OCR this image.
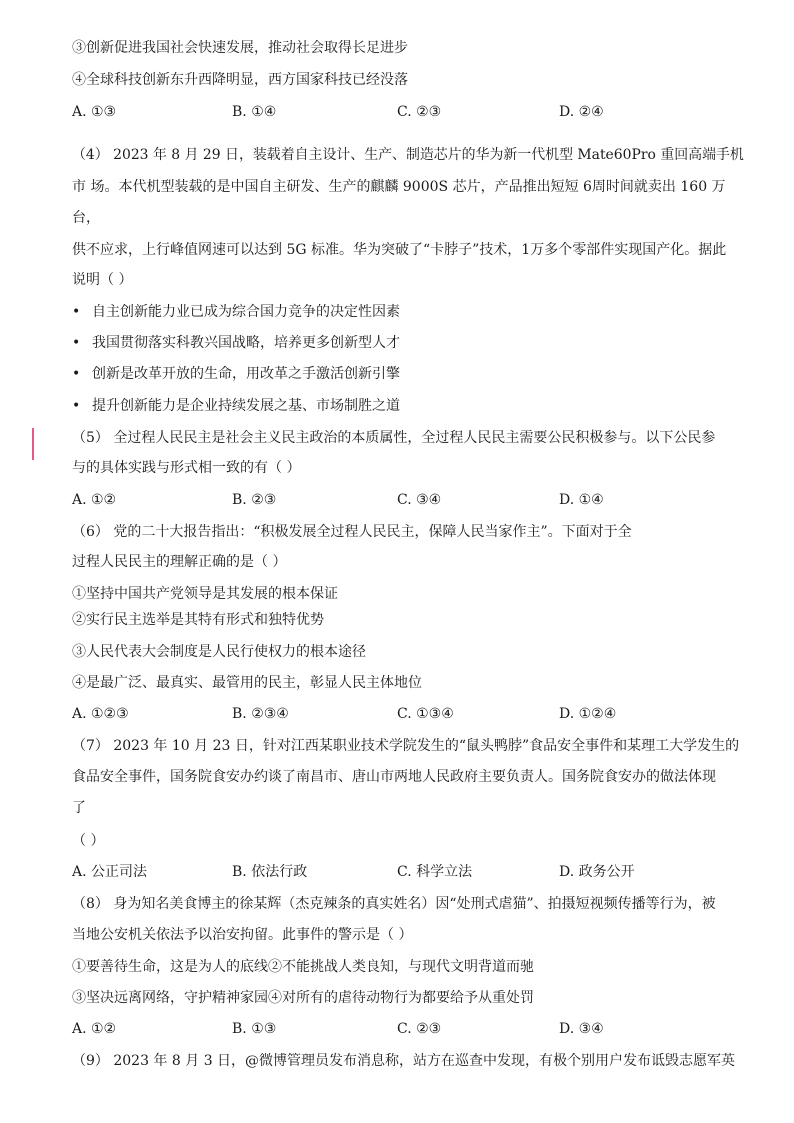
③创新促进我国社会快速发展，推动社会取得长足进步
④全球科技创新东升西降明显，西方国家科技已经没落
A. ①③	B. ①④	C. ②③	D. ②④
（4） 2023 年 8 月 29 日，装载着自主设计、生产、制造芯片的华为新一代机型 Mate60Pro 重回高端手机
市 场。本代机型装载的是中国自主研发、生产的麒麟 9000S 芯片，产品推出短短 6周时间就卖出 160 万
台，
供不应求，上行峰值网速可以达到 5G 标准。华为突破了“卡脖子”技术，1万多个零部件实现国产化。据此
说明（ ）
• 自主创新能力业已成为综合国力竞争的决定性因素
• 我国贯彻落实科教兴国战略，培养更多创新型人才
• 创新是改革开放的生命，用改革之手激活创新引擎
• 提升创新能力是企业持续发展之基、市场制胜之道
（5） 全过程人民民主是社会主义民主政治的本质属性，全过程人民民主需要公民积极参与。以下公民参
与的具体实践与形式相一致的有（ ）
A. ①②	B. ②③	C. ③④	D. ①④
（6） 党的二十大报告指出：“积极发展全过程人民民主，保障人民当家作主”。下面对于全
过程人民民主的理解正确的是（ ）
①坚持中国共产党领导是其发展的根本保证
②实行民主选举是其特有形式和独特优势
③人民代表大会制度是人民行使权力的根本途径
④是最广泛、最真实、最管用的民主，彰显人民主体地位
A. ①②③	B. ②③④	C. ①③④	D. ①②④
（7） 2023 年 10 月 23 日，针对江西某职业技术学院发生的“鼠头鸭脖”食品安全事件和某理工大学发生的
食品安全事件，国务院食安办约谈了南昌市、唐山市两地人民政府主要负责人。国务院食安办的做法体现
了
（ ）
A. 公正司法	B. 依法行政	C. 科学立法	D. 政务公开
（8） 身为知名美食博主的徐某辉（杰克辣条的真实姓名）因“处刑式虐猫”、拍摄短视频传播等行为，被
当地公安机关依法予以治安拘留。此事件的警示是（ ）
①要善待生命，这是为人的底线②不能挑战人类良知，与现代文明背道而驰
③坚决远离网络，守护精神家园④对所有的虐待动物行为都要给予从重处罚
A. ①②	B. ①③	C. ②③	D. ③④
（9） 2023 年 8 月 3 日，@微博管理员发布消息称，站方在巡查中发现，有极个别用户发布诋毁志愿军英
